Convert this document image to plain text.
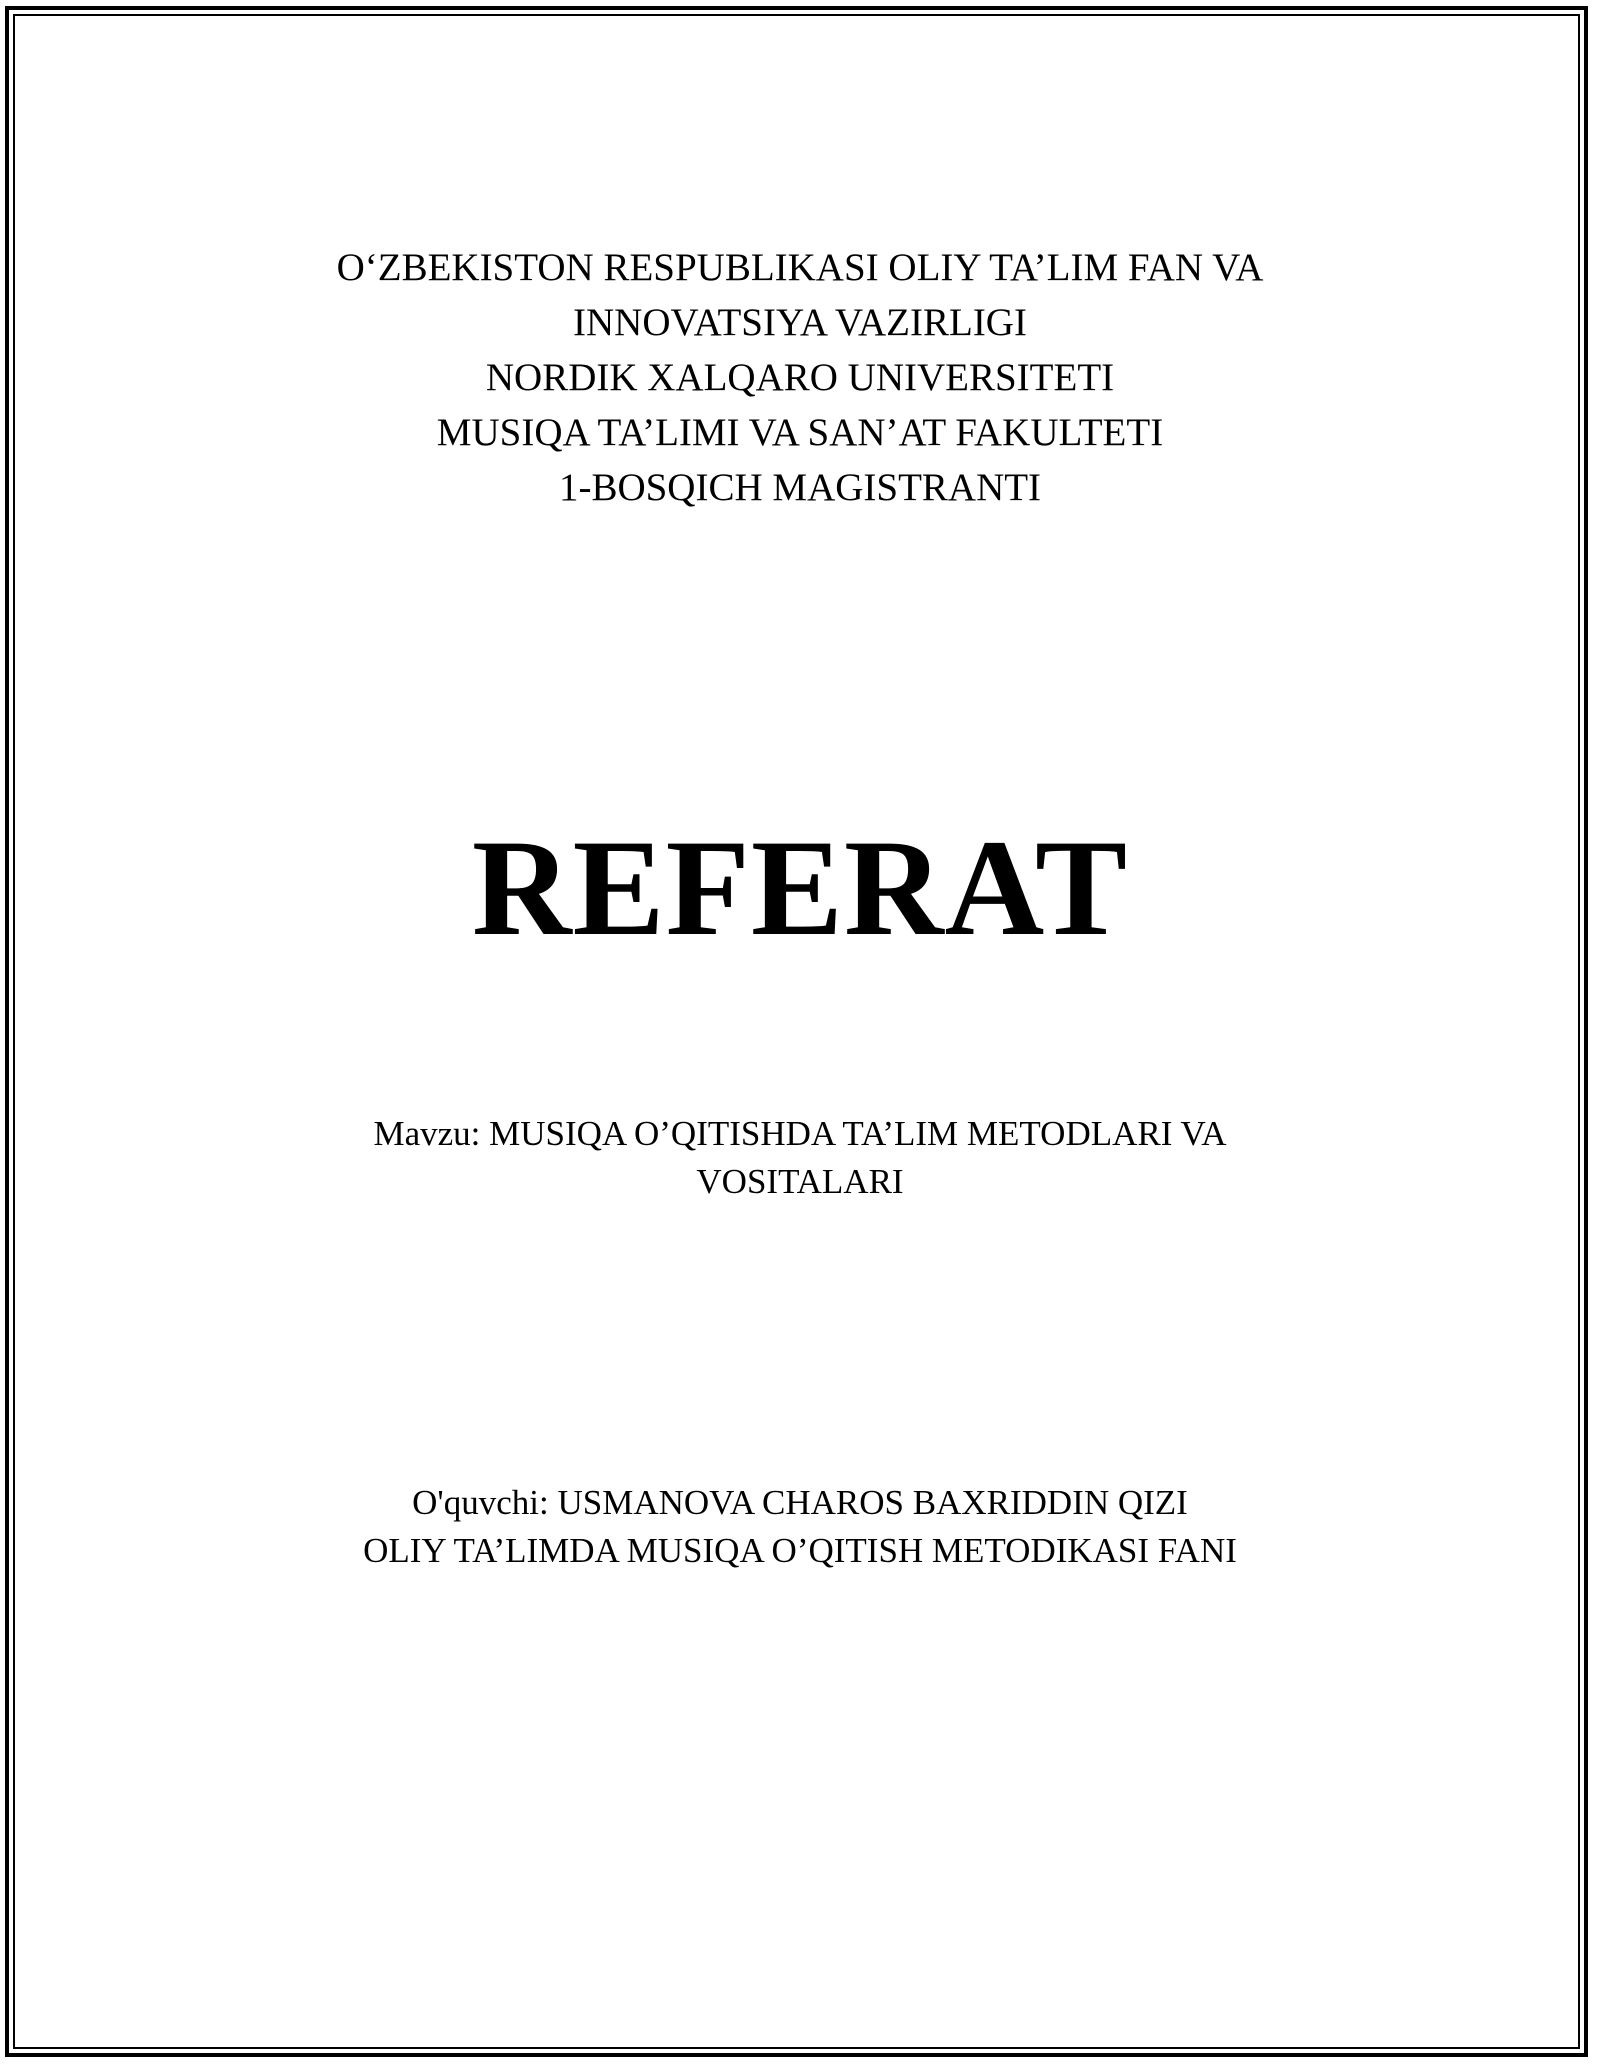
O‘ZBEKISTON RESPUBLIKASI OLIY TA’LIM FAN VA
INNOVATSIYA VAZIRLIGI
NORDIK XALQARO UNIVERSITETI
MUSIQA TA’LIMI VA SAN’AT FAKULTETI
1-BOSQICH MAGISTRANTI
REFERAT
Mavzu: MUSIQA O’QITISHDA TA’LIM METODLARI VA
VOSITALARI
O'quvchi: USMANOVA CHAROS BAXRIDDIN QIZI
OLIY TA’LIMDA MUSIQA O’QITISH METODIKASI FANI
